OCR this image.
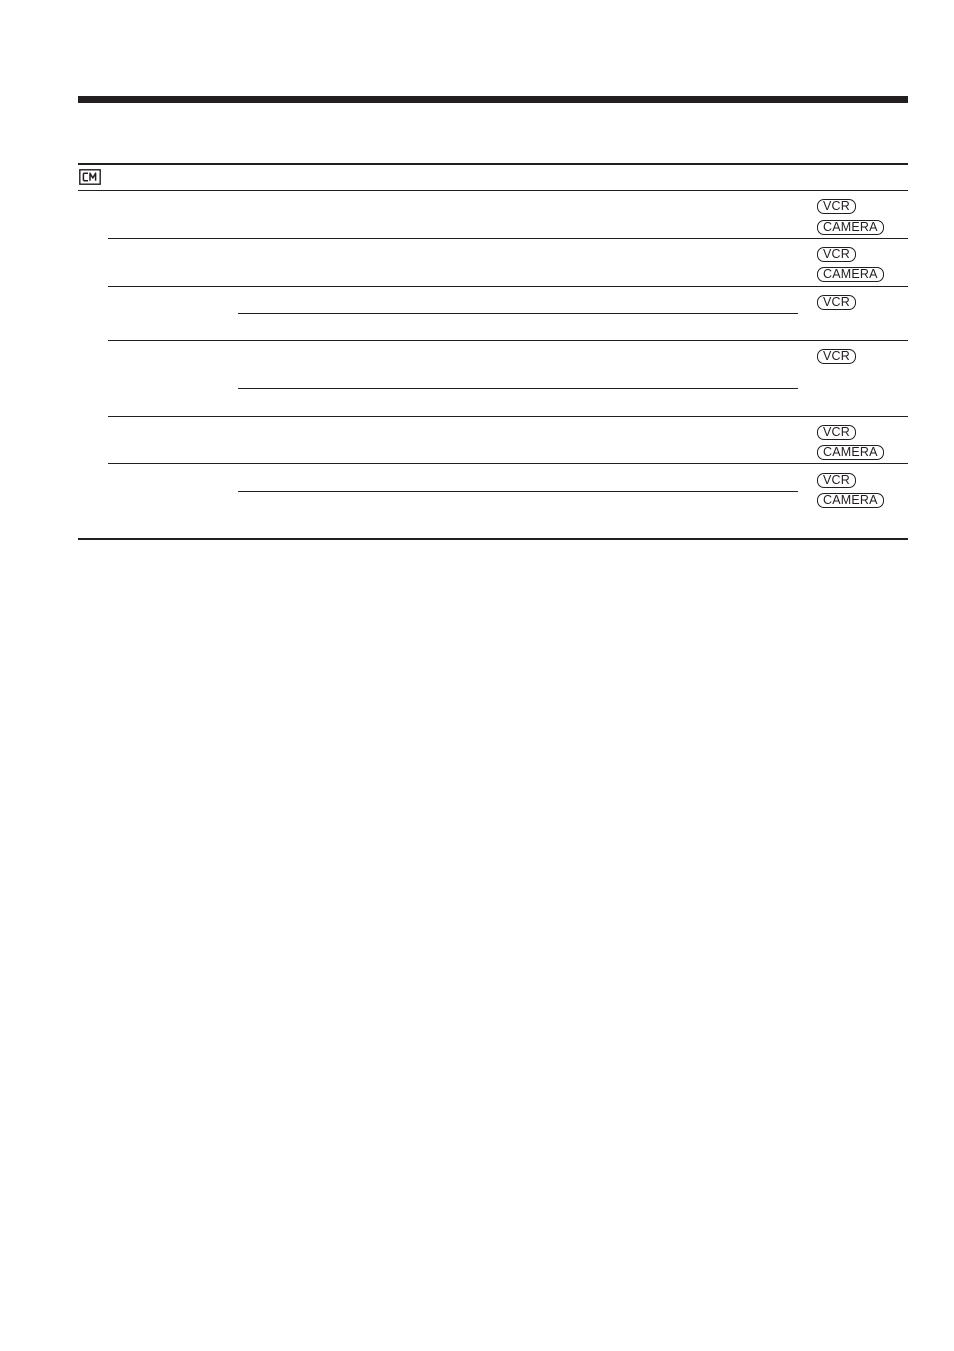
VCR
CAMERA
VCR
CAMERA
VCR
VCR
VCR
CAMERA
VCR
CAMERA
